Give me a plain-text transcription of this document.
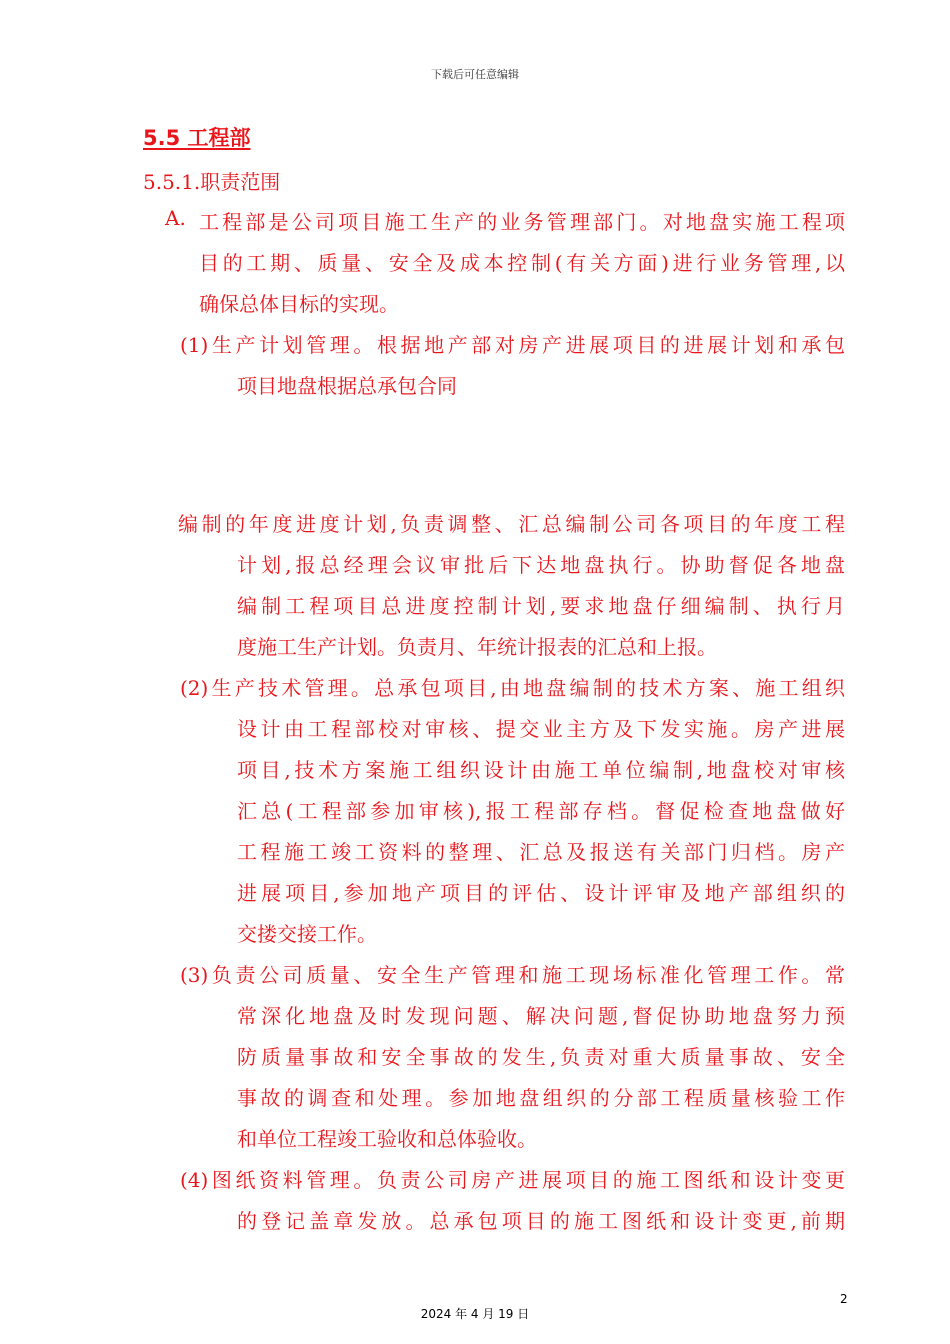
下载后可任意编辑
5.5 工程部
5.5.1.职责范围
A. 工程部是公司项目施工生产的业务管理部门。对地盘实施工程项
目的工期、质量、安全及成本控制(有关方面)进行业务管理,以
确保总体目标的实现。
(1)生产计划管理。根据地产部对房产进展项目的进展计划和承包
项目地盘根据总承包合同
编制的年度进度计划,负责调整、汇总编制公司各项目的年度工程
计划,报总经理会议审批后下达地盘执行。协助督促各地盘
编制工程项目总进度控制计划,要求地盘仔细编制、执行月
度施工生产计划。负责月、年统计报表的汇总和上报。
(2)生产技术管理。总承包项目,由地盘编制的技术方案、施工组织
设计由工程部校对审核、提交业主方及下发实施。房产进展
项目,技术方案施工组织设计由施工单位编制,地盘校对审核
汇总(工程部参加审核),报工程部存档。督促检查地盘做好
工程施工竣工资料的整理、汇总及报送有关部门归档。房产
进展项目,参加地产项目的评估、设计评审及地产部组织的
交搂交接工作。
(3)负责公司质量、安全生产管理和施工现场标准化管理工作。常
常深化地盘及时发现问题、解决问题,督促协助地盘努力预
防质量事故和安全事故的发生,负责对重大质量事故、安全
事故的调查和处理。参加地盘组织的分部工程质量核验工作
和单位工程竣工验收和总体验收。
(4)图纸资料管理。负责公司房产进展项目的施工图纸和设计变更
的登记盖章发放。总承包项目的施工图纸和设计变更,前期
2
2024 年 4 月 19 日
